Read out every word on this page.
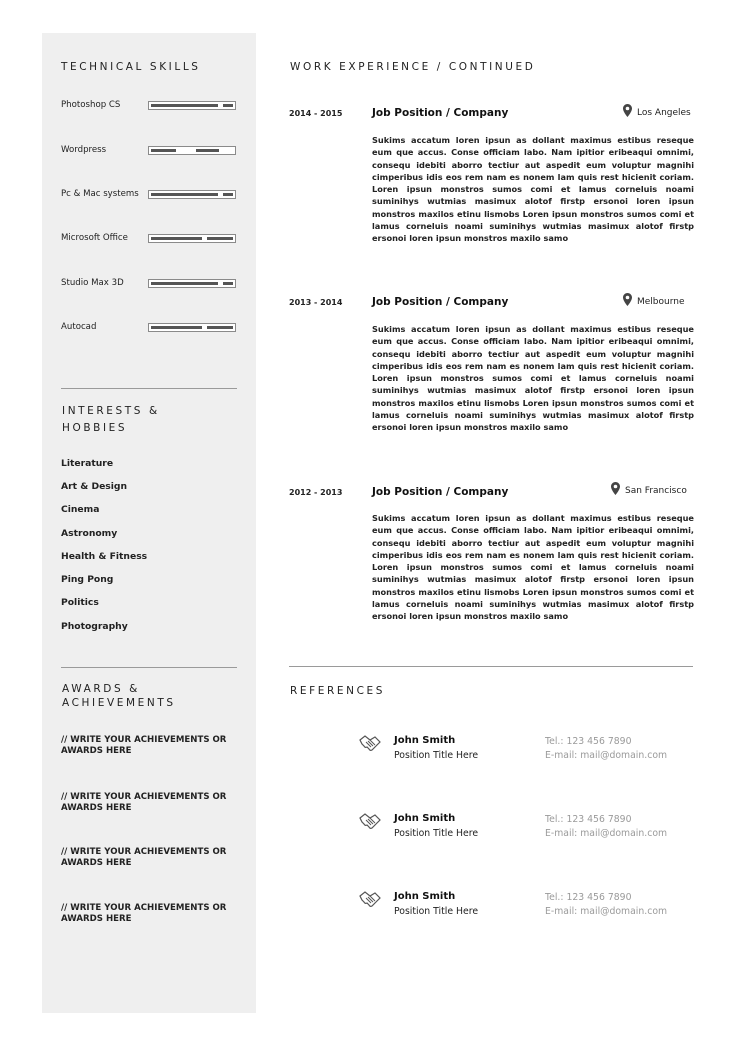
TECHNICAL SKILLS
Photoshop CS
Wordpress
Pc & Mac systems
Microsoft Office
Studio Max 3D
Autocad
INTERESTS & HOBBIES
Literature
Art & Design
Cinema
Astronomy
Health & Fitness
Ping Pong
Politics
Photography
AWARDS & ACHIEVEMENTS
// WRITE YOUR ACHIEVEMENTS OR AWARDS HERE
// WRITE YOUR ACHIEVEMENTS OR AWARDS HERE
// WRITE YOUR ACHIEVEMENTS OR AWARDS HERE
// WRITE YOUR ACHIEVEMENTS OR AWARDS HERE
WORK EXPERIENCE / CONTINUED
2014 - 2015	Job Position / Company	Los Angeles
Sukims accatum loren ipsun as dollant maximus estibus reseque eum que accus. Conse officiam labo. Nam ipitior eribeaqui omnimi, consequ idebiti aborro tectiur aut aspedit eum voluptur magnihi cimperibus idis eos rem nam es nonem lam quis rest hicienit coriam. Loren ipsun monstros sumos comi et lamus corneluis noami suminihys wutmias masimux alotof firstp ersonoi loren ipsun monstros maxilos etinu lismobs Loren ipsun monstros sumos comi et lamus corneluis noami suminihys wutmias masimux alotof firstp ersonoi loren ipsun monstros maxilo samo
2013 - 2014	Job Position / Company	Melbourne
Sukims accatum loren ipsun as dollant maximus estibus reseque eum que accus. Conse officiam labo. Nam ipitior eribeaqui omnimi, consequ idebiti aborro tectiur aut aspedit eum voluptur magnihi cimperibus idis eos rem nam es nonem lam quis rest hicienit coriam. Loren ipsun monstros sumos comi et lamus corneluis noami suminihys wutmias masimux alotof firstp ersonoi loren ipsun monstros maxilos etinu lismobs Loren ipsun monstros sumos comi et lamus corneluis noami suminihys wutmias masimux alotof firstp ersonoi loren ipsun monstros maxilo samo
2012 - 2013	Job Position / Company	San Francisco
Sukims accatum loren ipsun as dollant maximus estibus reseque eum que accus. Conse officiam labo. Nam ipitior eribeaqui omnimi, consequ idebiti aborro tectiur aut aspedit eum voluptur magnihi cimperibus idis eos rem nam es nonem lam quis rest hicienit coriam. Loren ipsun monstros sumos comi et lamus corneluis noami suminihys wutmias masimux alotof firstp ersonoi loren ipsun monstros maxilos etinu lismobs Loren ipsun monstros sumos comi et lamus corneluis noami suminihys wutmias masimux alotof firstp ersonoi loren ipsun monstros maxilo samo
REFERENCES
John Smith
Position Title Here
Tel.: 123 456 7890
E-mail: mail@domain.com
John Smith
Position Title Here
Tel.: 123 456 7890
E-mail: mail@domain.com
John Smith
Position Title Here
Tel.: 123 456 7890
E-mail: mail@domain.com
